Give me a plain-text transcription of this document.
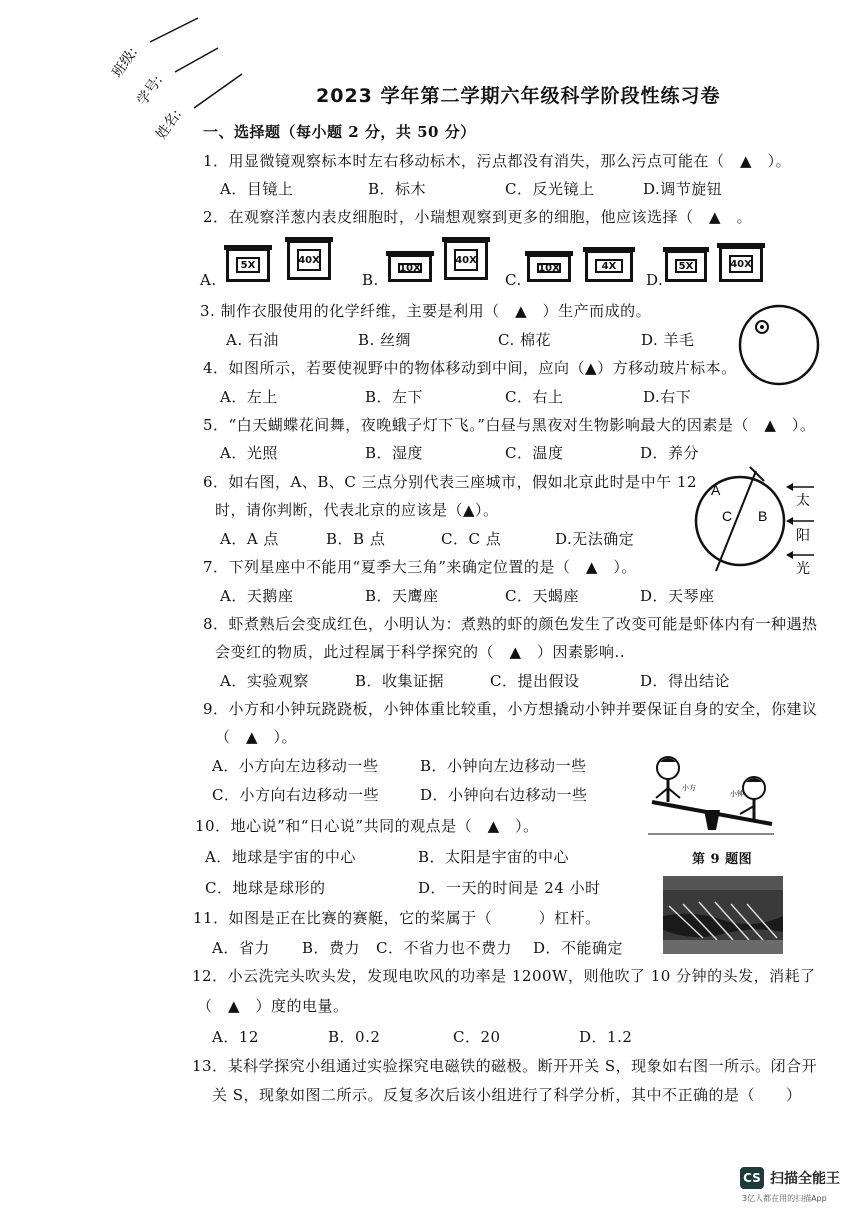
班级:
学号:
姓名:
2023 学年第二学期六年级科学阶段性练习卷
一、选择题（每小题 2 分，共 50 分）
1．用显微镜观察标本时左右移动标木，污点都没有消失，那么污点可能在（　▲　）。
A．目镜上	B．标木	C．反光镜上	D.调节旋钮
2．在观察洋葱内表皮细胞时，小瑞想观察到更多的细胞，他应该选择（　▲　。
A.
5X	40X
B.
10X
40X
C.
10X	4X
D.
5X	40X
3. 制作衣服使用的化学纤维，主要是利用（　▲　）生产而成的。
A. 石油	B. 丝绸	C. 棉花	D. 羊毛
4．如图所示，若要使视野中的物体移动到中间，应向（▲）方移动玻片标本。
A．左上	B．左下	C．右上	D.右下
5．“白天蝴蝶花间舞，夜晚蛾子灯下飞。”白昼与黑夜对生物影响最大的因素是（　▲　）。
A．光照	B．湿度	C．温度	D．养分
6．如右图，A、B、C 三点分别代表三座城市，假如北京此时是中午 12
时，请你判断，代表北京的应该是（▲）。
A．A 点	B．B 点	C．C 点	D.无法确定
A
C B
太
阳
光
7．下列星座中不能用“夏季大三角”来确定位置的是（　▲　）。
A．天鹅座	B．天鹰座	C．天蝎座	D．天琴座
8．虾煮熟后会变成红色，小明认为：煮熟的虾的颜色发生了改变可能是虾体内有一种遇热
会变红的物质，此过程属于科学探究的（　▲　）因素影响..
A．实验观察	B．收集证据	C．提出假设	D．得出结论
9．小方和小钟玩跷跷板，小钟体重比较重，小方想撬动小钟并要保证自身的安全，你建议
（　▲　）。
A．小方向左边移动一些	B．小钟向左边移动一些
C．小方向右边移动一些	D．小钟向右边移动一些	小方
小钟
第 9 题图
10．地心说”和“日心说”共同的观点是（　▲　）。
A．地球是宇宙的中心	B．太阳是宇宙的中心
C．地球是球形的	D．一天的时间是 24 小时
11．如图是正在比赛的赛艇，它的桨属于（　　　）杠杆。
A．省力 B．费力 C．不省力也不费力 D．不能确定
12．小云洗完头吹头发，发现电吹风的功率是 1200W，则他吹了 10 分钟的头发，消耗了
（　▲　）度的电量。
A．12	B．0.2	C．20	D．1.2
13．某科学探究小组通过实验探究电磁铁的磁极。断开开关 S，现象如右图一所示。闭合开
关 S，现象如图二所示。反复多次后该小组进行了科学分析，其中不正确的是（　　）
CS 扫描全能王
3亿人都在用的扫描App
